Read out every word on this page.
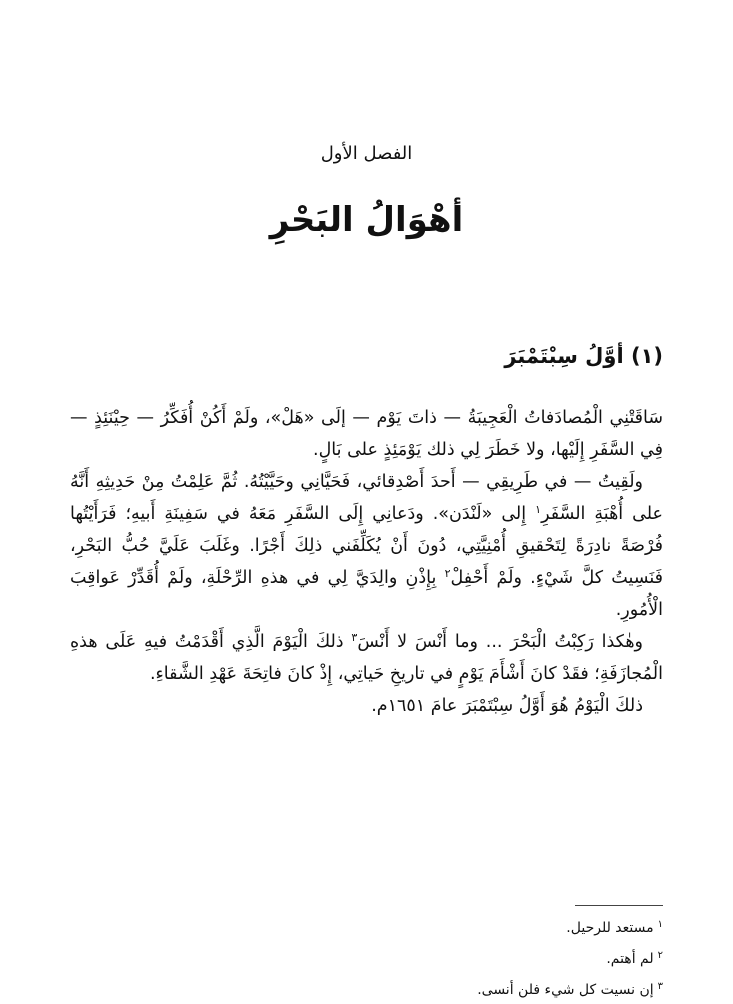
الفصل الأول
أهْوَالُ البَحْرِ
(١) أوَّلُ سِبْتَمْبَرَ

سَاقَتْنِي الْمُصادَفاتُ الْعَجِيبَةُ — ذاتَ يَوْم — إلَى «هَلْ»، ولَمْ أَكُنْ أُفَكِّرُ — حِيْنَئِذٍ — فِي السَّفَرِ إِلَيْها، ولا خَطَرَ لِي ذلك يَوْمَئِذٍ على بَالٍ.

ولَقِيتُ — في طَرِيقِي — أَحدَ أَصْدِقائي، فَحَيَّانِي وحَيَّيْتُهُ. ثُمَّ عَلِمْتُ مِنْ حَدِيثِهِ أَنَّهُ على أُهْبَةِ السَّفَرِ$^١$ إِلى «لَنْدَن». ودَعانِي إِلَى السَّفَرِ مَعَهُ في سَفِينَةِ أَبيهِ؛ فَرَأَيْتُها فُرْصَةً نادِرَةً لِتَحْقيقِ أُمْنِيَّتِي، دُونَ أَنْ يُكَلِّفَني ذلِكَ أَجْرًا. وغَلَبَ عَلَيَّ حُبُّ البَحْرِ، فَنَسِيتُ كلَّ شَيْءٍ. ولَمْ أَحْفِلْ$^٢$ بِإِذْنِ والِدَيَّ لِي في هذهِ الرِّحْلَةِ، ولَمْ أُقَدِّرْ عَواقِبَ الْأُمُورِ.

وهٰكذا رَكِبْتُ الْبَحْرَ ... وما أَنْسَ لا أَنْسَ$^٣$ ذلكَ الْيَوْمَ الَّذِي أَقْدَمْتُ فيهِ عَلَى هذهِ الْمُجازَفَةِ؛ فقَدْ كانَ أَشْأَمَ يَوْمٍ في تاريخِ حَياتِي، إِذْ كانَ فاتِحَةَ عَهْدِ الشَّقاءِ.

ذلكَ الْيَوْمُ هُوَ أَوَّلُ سِبْتَمْبَرَ عامَ ١٦٥١م.

$^١$مستعد للرحيل.
$^٢$لم أهتم.
$^٣$إن نسيت كل شيء فلن أنسى.
